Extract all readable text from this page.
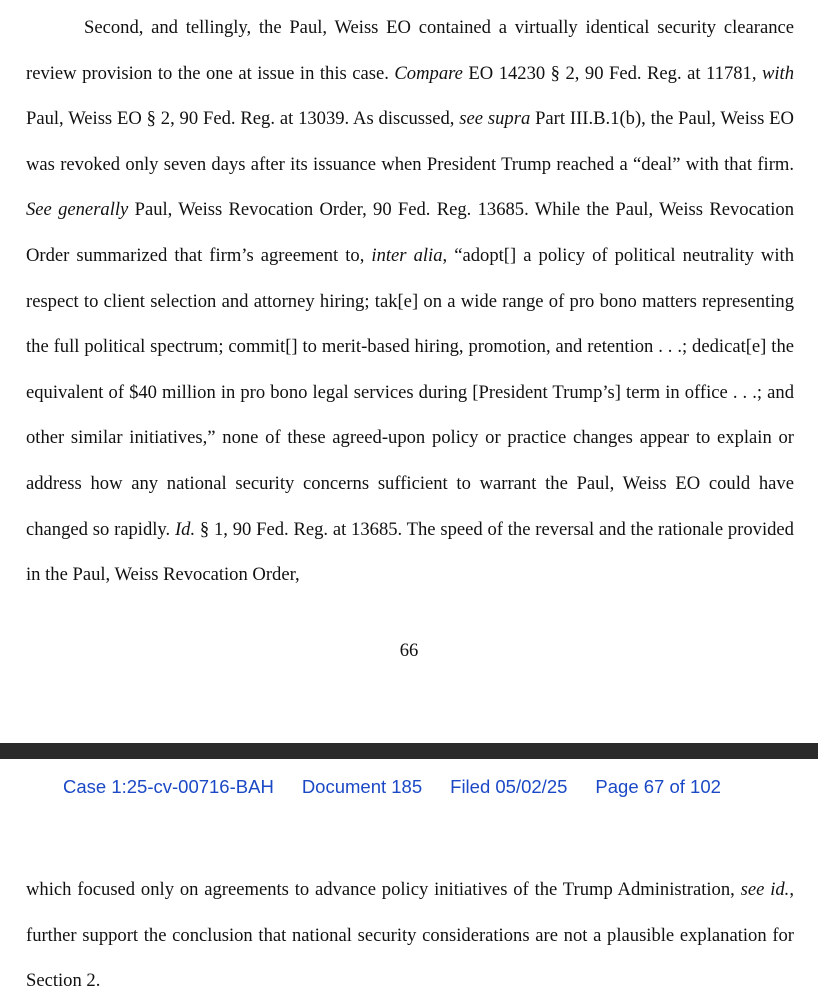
Second, and tellingly, the Paul, Weiss EO contained a virtually identical security clearance review provision to the one at issue in this case. Compare EO 14230 § 2, 90 Fed. Reg. at 11781, with Paul, Weiss EO § 2, 90 Fed. Reg. at 13039. As discussed, see supra Part III.B.1(b), the Paul, Weiss EO was revoked only seven days after its issuance when President Trump reached a “deal” with that firm. See generally Paul, Weiss Revocation Order, 90 Fed. Reg. 13685. While the Paul, Weiss Revocation Order summarized that firm’s agreement to, inter alia, “adopt[] a policy of political neutrality with respect to client selection and attorney hiring; tak[e] on a wide range of pro bono matters representing the full political spectrum; commit[] to merit-based hiring, promotion, and retention . . .; dedicat[e] the equivalent of $40 million in pro bono legal services during [President Trump’s] term in office . . .; and other similar initiatives,” none of these agreed-upon policy or practice changes appear to explain or address how any national security concerns sufficient to warrant the Paul, Weiss EO could have changed so rapidly. Id. § 1, 90 Fed. Reg. at 13685. The speed of the reversal and the rationale provided in the Paul, Weiss Revocation Order,

66
Case 1:25-cv-00716-BAH Document 185 Filed 05/02/25 Page 67 of 102

which focused only on agreements to advance policy initiatives of the Trump Administration, see id., further support the conclusion that national security considerations are not a plausible explanation for Section 2.
